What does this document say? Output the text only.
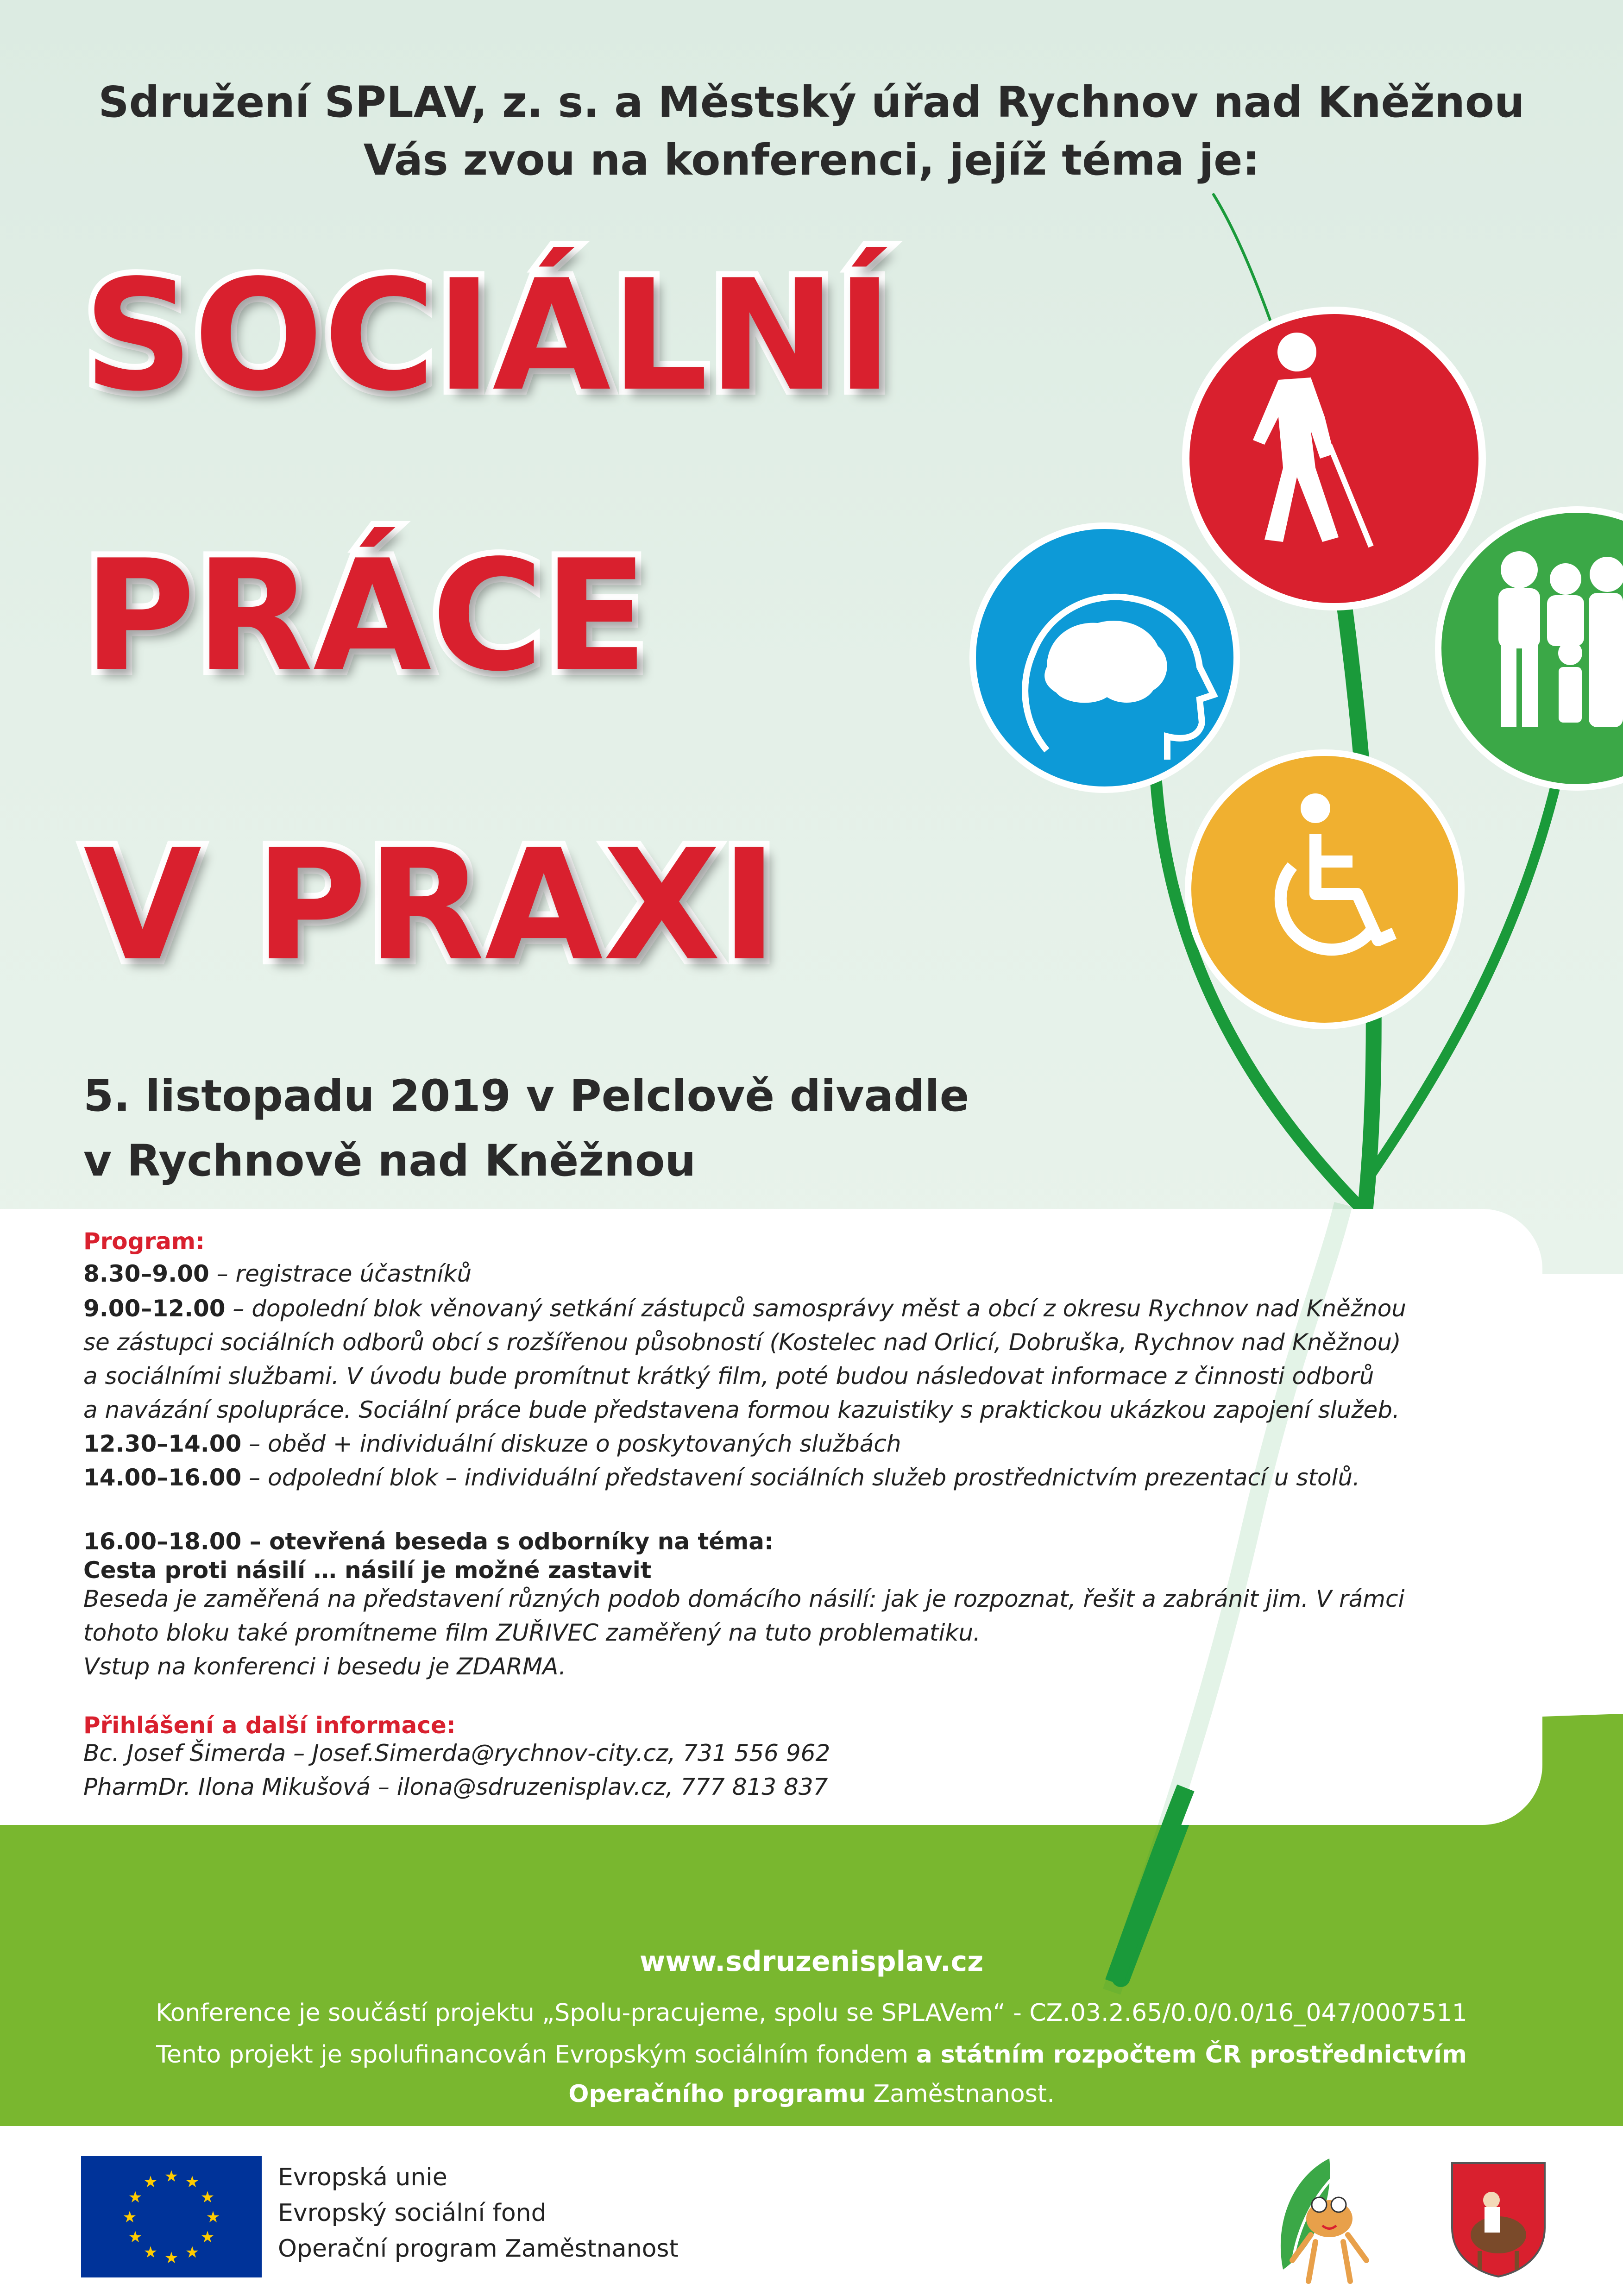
Sdružení SPLAV, z. s. a Městský úřad Rychnov nad Kněžnou
Vás zvou na konferenci, jejíž téma je:
SOCIÁLNÍ
PRÁCE
V PRAXI
5. listopadu 2019 v Pelclově divadle
v Rychnově nad Kněžnou
Program:
8.30–9.00 – registrace účastníků
9.00–12.00 – dopolední blok věnovaný setkání zástupců samosprávy měst a obcí z okresu Rychnov nad Kněžnou
se zástupci sociálních odborů obcí s rozšířenou působností (Kostelec nad Orlicí, Dobruška, Rychnov nad Kněžnou)
a sociálními službami. V úvodu bude promítnut krátký film, poté budou následovat informace z činnosti odborů
a navázání spolupráce. Sociální práce bude představena formou kazuistiky s praktickou ukázkou zapojení služeb.
12.30–14.00 – oběd + individuální diskuze o poskytovaných službách
14.00–16.00 – odpolední blok – individuální představení sociálních služeb prostřednictvím prezentací u stolů.
16.00–18.00 – otevřená beseda s odborníky na téma:
Cesta proti násilí … násilí je možné zastavit
Beseda je zaměřená na představení různých podob domácího násilí: jak je rozpoznat, řešit a zabránit jim. V rámci
tohoto bloku také promítneme film ZUŘIVEC zaměřený na tuto problematiku.
Vstup na konferenci i besedu je ZDARMA.
Přihlášení a další informace:
Bc. Josef Šimerda – Josef.Simerda@rychnov-city.cz, 731 556 962
PharmDr. Ilona Mikušová – ilona@sdruzenisplav.cz, 777 813 837
www.sdruzenisplav.cz
Konference je součástí projektu „Spolu-pracujeme, spolu se SPLAVem“ - CZ.03.2.65/0.0/0.0/16_047/0007511
Tento projekt je spolufinancován Evropským sociálním fondem a státním rozpočtem ČR prostřednictvím
Operačního programu Zaměstnanost.
★ ★
★
★
★
★
★
★
★
★
★
★	Evropská unie
Evropský sociální fond
Operační program Zaměstnanost
